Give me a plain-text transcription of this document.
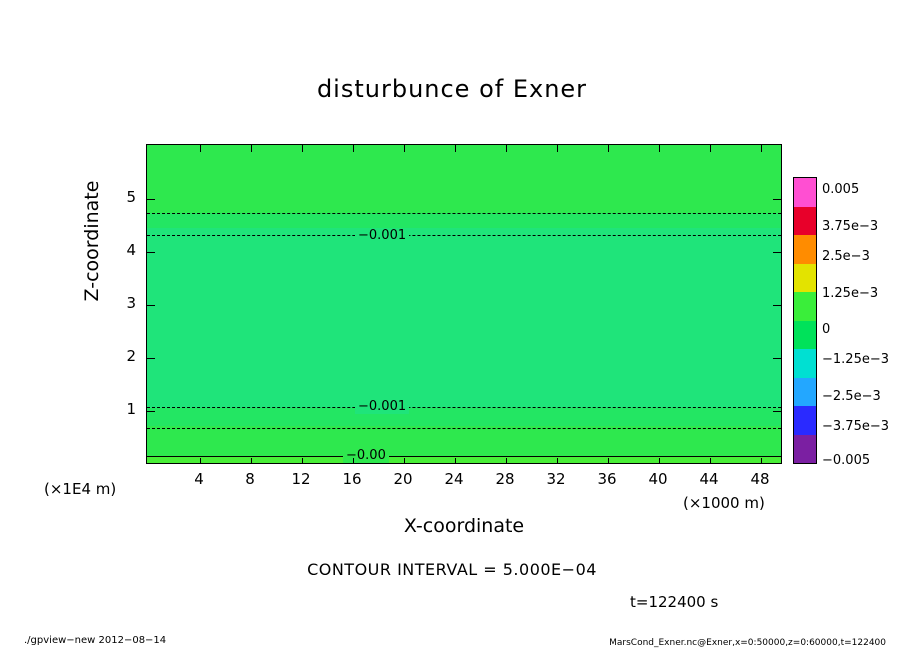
disturbunce of Exner
−0.001
−0.001
−0.00
4	8	12	16	20	24	28	32	36	40	44	48
1
2
3
4
5
Z-coordinate
X-coordinate
(×1E4 m)
(×1000 m)
0.005
3.75e−3
2.5e−3
1.25e−3
0
−1.25e−3
−2.5e−3
−3.75e−3
−0.005
CONTOUR INTERVAL = 5.000E−04
t=122400 s
./gpview−new 2012−08−14	MarsCond_Exner.nc@Exner,x=0:50000,z=0:60000,t=122400
